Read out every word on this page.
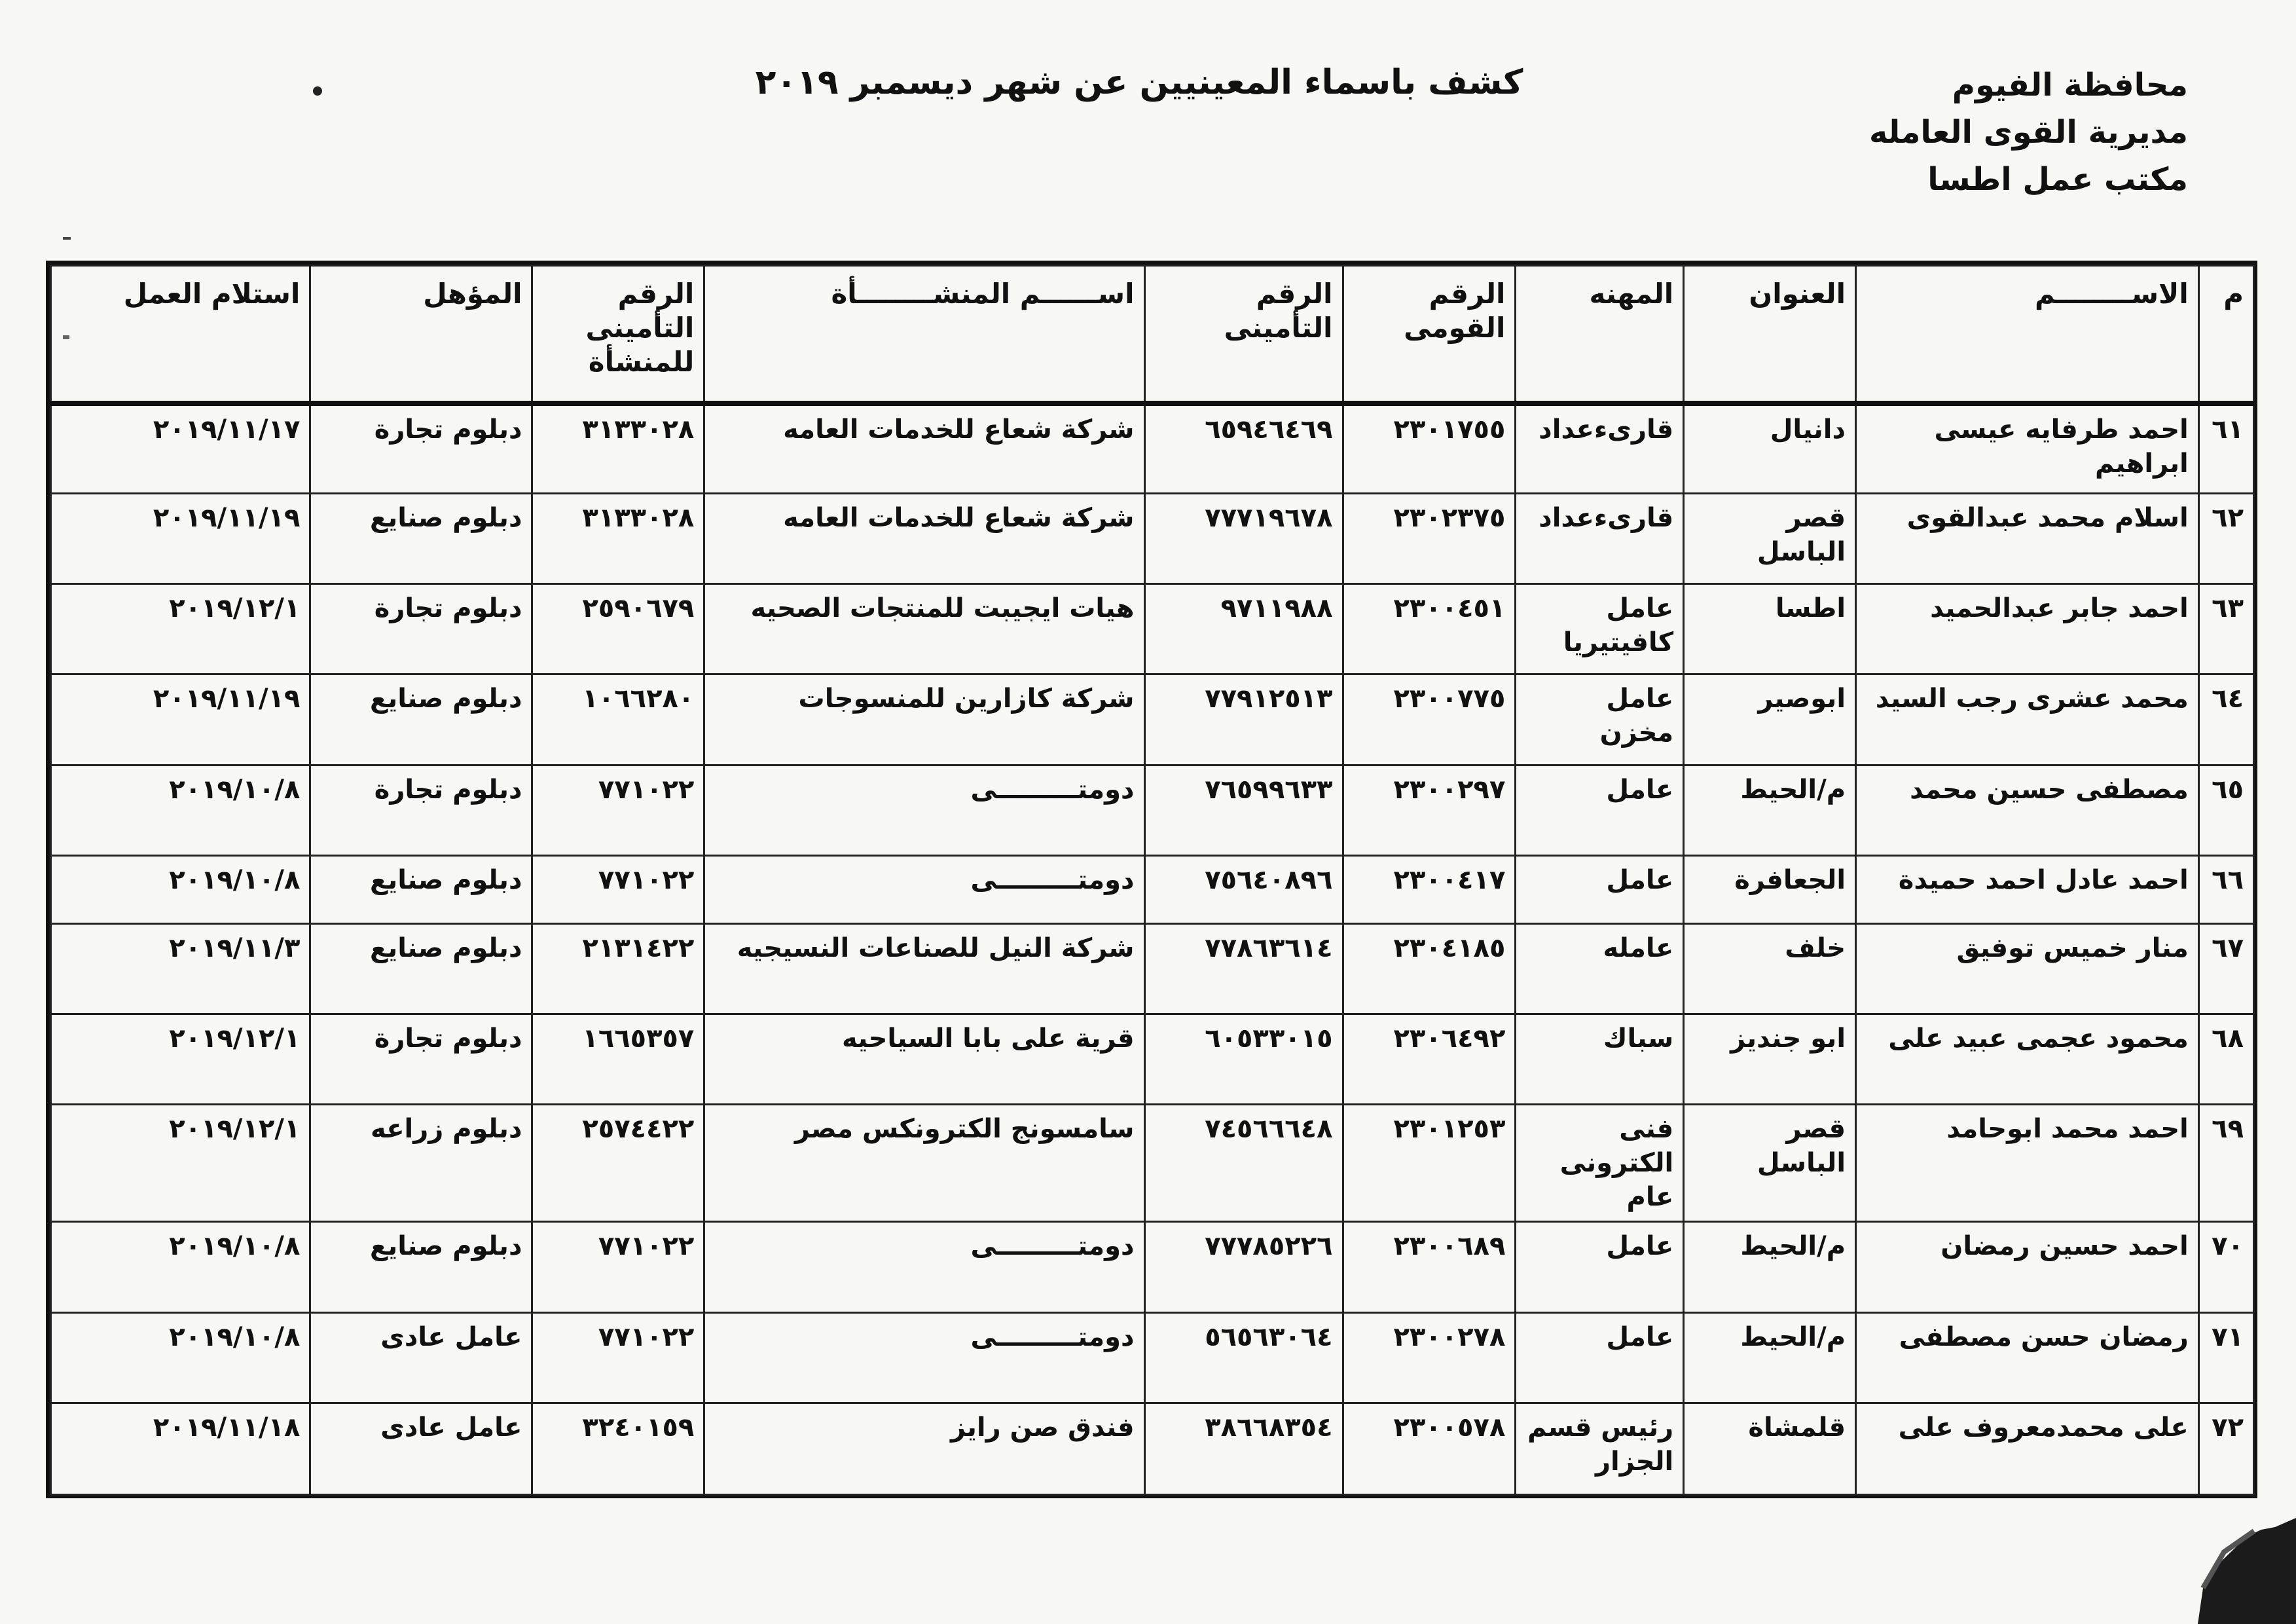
محافظة الفيوم
مديرية القوى العامله
مكتب عمل اطسا
كشف باسماء المعينيين عن شهر ديسمبر ٢٠١٩
م	الاســــــــم	العنوان	المهنه	الرقم القومى	الرقم التأمينى	اســــــم المنشــــــــأة	الرقم التأمينى للمنشأة	المؤهل	استلام العمل
٦١	احمد طرفايه عيسى ابراهيم	دانيال	قارىءعداد	٢٣٠١٧٥٥	٦٥٩٤٦٤٦٩	شركة شعاع للخدمات العامه	٣١٣٣٠٢٨	دبلوم تجارة	٢٠١٩/١١/١٧
٦٢	اسلام محمد عبدالقوى	قصر الباسل	قارىءعداد	٢٣٠٢٣٧٥	٧٧٧١٩٦٧٨	شركة شعاع للخدمات العامه	٣١٣٣٠٢٨	دبلوم صنايع	٢٠١٩/١١/١٩
٦٣	احمد جابر عبدالحميد	اطسا	عامل كافيتيريا	٢٣٠٠٤٥١	٩٧١١٩٨٨	هيات ايجيبت للمنتجات الصحيه	٢٥٩٠٦٧٩	دبلوم تجارة	٢٠١٩/١٢/١
٦٤	محمد عشرى رجب السيد	ابوصير	عامل مخزن	٢٣٠٠٧٧٥	٧٧٩١٢٥١٣	شركة كازارين للمنسوجات	١٠٦٦٢٨٠	دبلوم صنايع	٢٠١٩/١١/١٩
٦٥	مصطفى حسين محمد	م/الحيط	عامل	٢٣٠٠٢٩٧	٧٦٥٩٩٦٣٣	دومتـــــــــى	٧٧١٠٢٢	دبلوم تجارة	٢٠١٩/١٠/٨
٦٦	احمد عادل احمد حميدة	الجعافرة	عامل	٢٣٠٠٤١٧	٧٥٦٤٠٨٩٦	دومتـــــــــى	٧٧١٠٢٢	دبلوم صنايع	٢٠١٩/١٠/٨
٦٧	منار خميس توفيق	خلف	عامله	٢٣٠٤١٨٥	٧٧٨٦٣٦١٤	شركة النيل للصناعات النسيجيه	٢١٣١٤٢٢	دبلوم صنايع	٢٠١٩/١١/٣
٦٨	محمود عجمى عبيد على	ابو جنديز	سباك	٢٣٠٦٤٩٢	٦٠٥٣٣٠١٥	قرية على بابا السياحيه	١٦٦٥٣٥٧	دبلوم تجارة	٢٠١٩/١٢/١
٦٩	احمد محمد ابوحامد	قصر الباسل	فنى الكترونى عام	٢٣٠١٢٥٣	٧٤٥٦٦٦٤٨	سامسونج الكترونكس مصر	٢٥٧٤٤٢٢	دبلوم زراعه	٢٠١٩/١٢/١
٧٠	احمد حسين رمضان	م/الحيط	عامل	٢٣٠٠٦٨٩	٧٧٧٨٥٢٢٦	دومتـــــــــى	٧٧١٠٢٢	دبلوم صنايع	٢٠١٩/١٠/٨
٧١	رمضان حسن مصطفى	م/الحيط	عامل	٢٣٠٠٢٧٨	٥٦٥٦٣٠٦٤	دومتـــــــــى	٧٧١٠٢٢	عامل عادى	٢٠١٩/١٠/٨
٧٢	على محمدمعروف على	قلمشاة	رئيس قسم الجزار	٢٣٠٠٥٧٨	٣٨٦٦٨٣٥٤	فندق صن رايز	٣٢٤٠١٥٩	عامل عادى	٢٠١٩/١١/١٨
